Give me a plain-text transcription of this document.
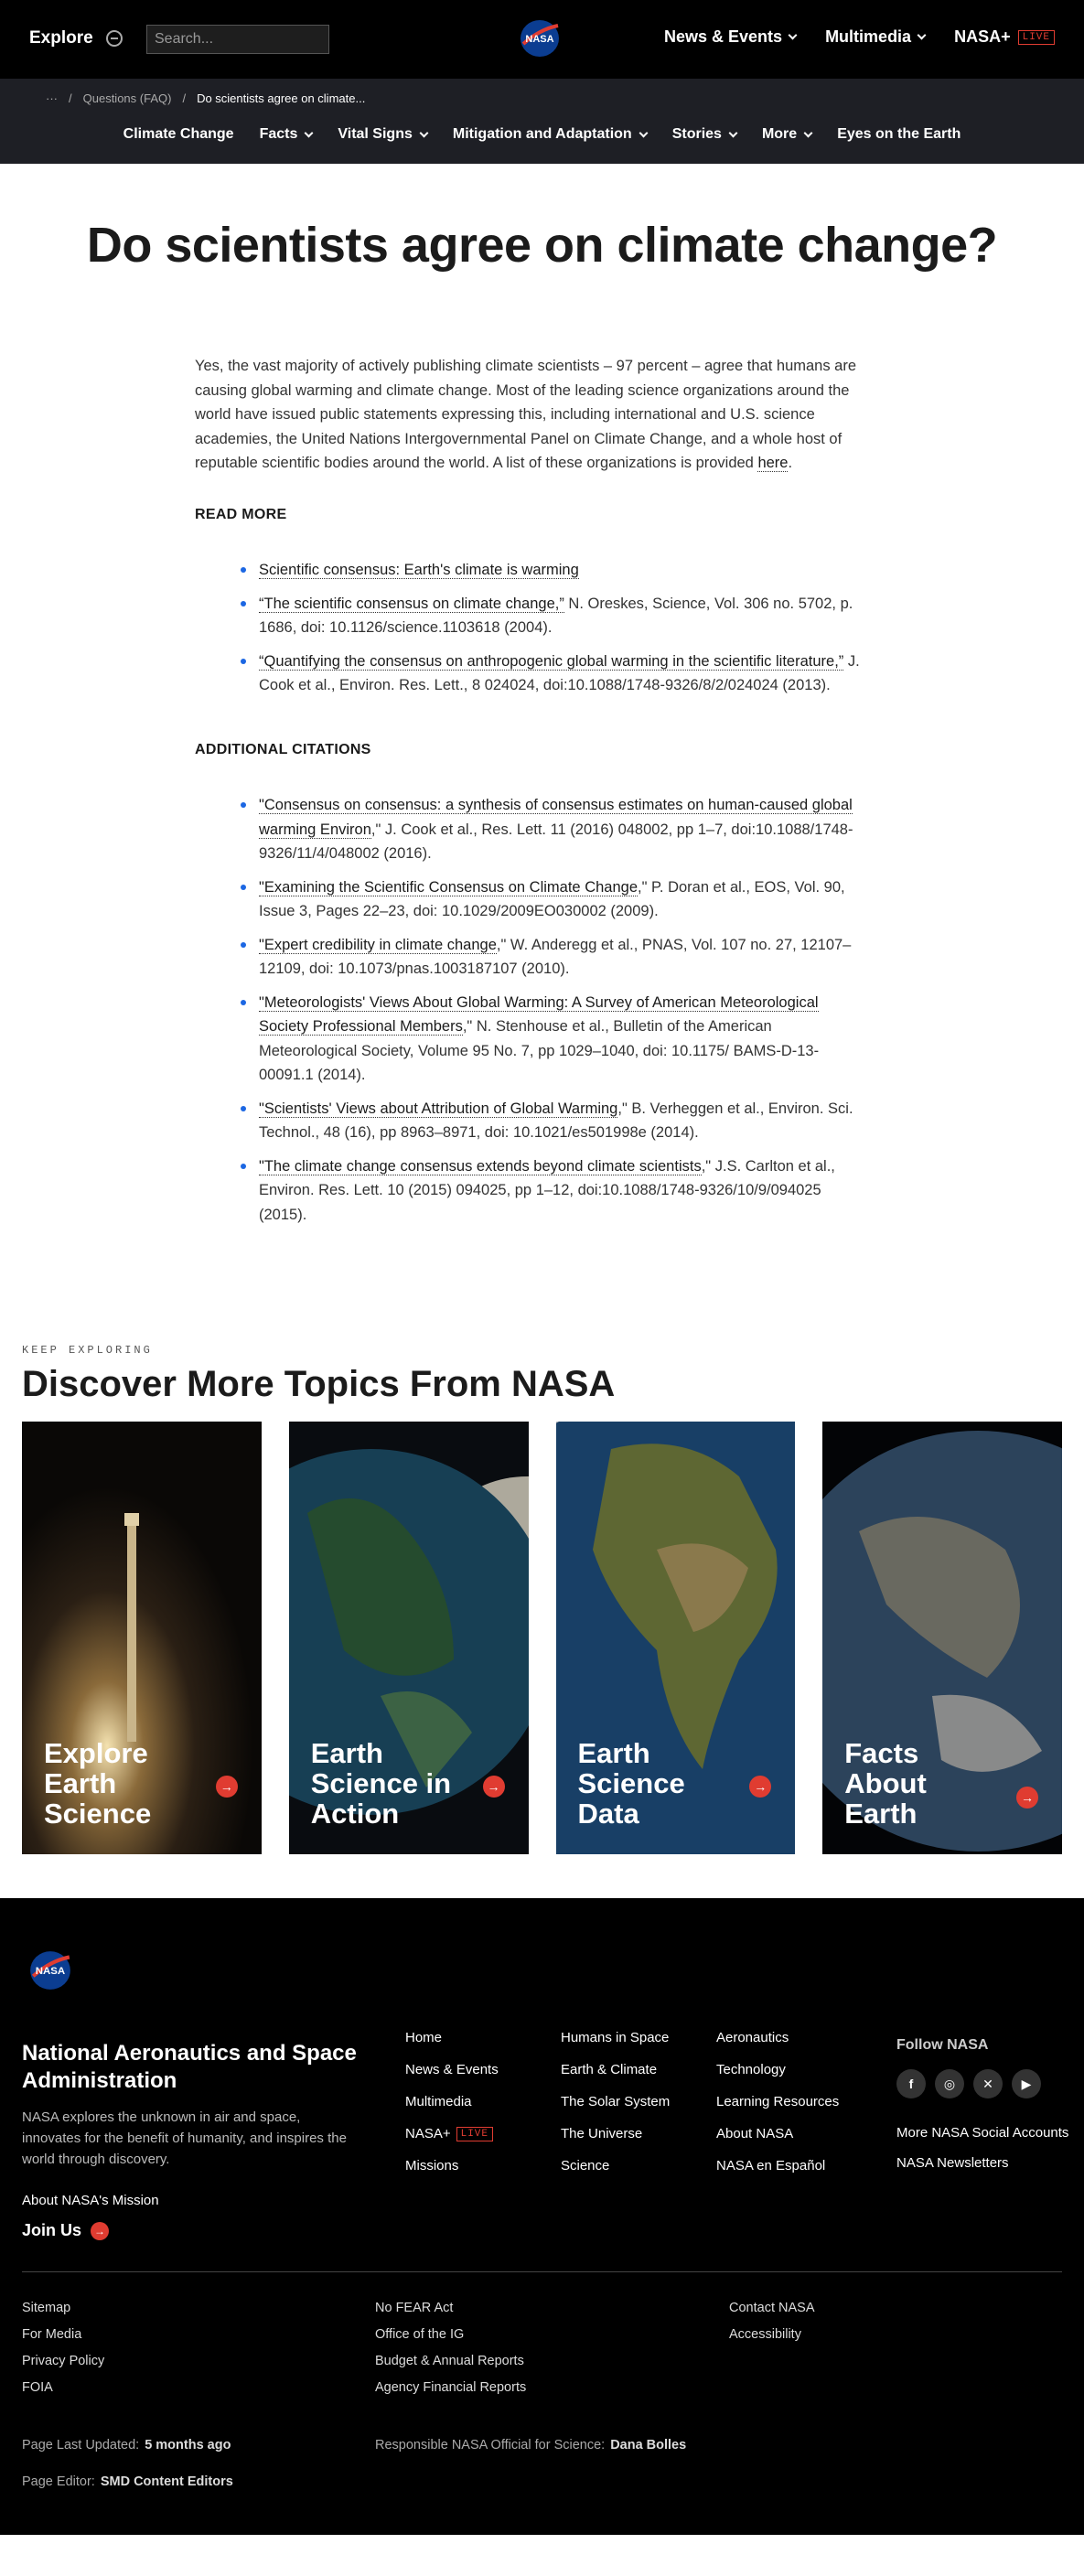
Explore
Search...	NASA	News & Events	Multimedia	NASA+	LIVE
··· / Questions (FAQ) / Do scientists agree on climate...
Climate Change Facts	Vital Signs	Mitigation and Adaptation	Stories	More	Eyes on the Earth
Do scientists agree on climate change?

Yes, the vast majority of actively publishing climate scientists – 97 percent – agree that humans are causing global warming and climate change. Most of the leading science organizations around the world have issued public statements expressing this, including international and U.S. science academies, the United Nations Intergovernmental Panel on Climate Change, and a whole host of reputable scientific bodies around the world. A list of these organizations is provided here.

READ MORE
Scientific consensus: Earth's climate is warming
“The scientific consensus on climate change,” N. Oreskes, Science, Vol. 306 no. 5702, p. 1686, doi: 10.1126/science.1103618 (2004).
“Quantifying the consensus on anthropogenic global warming in the scientific literature,” J. Cook et al., Environ. Res. Lett., 8 024024, doi:10.1088/1748-9326/8/2/024024 (2013).
ADDITIONAL CITATIONS
"Consensus on consensus: a synthesis of consensus estimates on human-caused global warming Environ," J. Cook et al., Res. Lett. 11 (2016) 048002, pp 1–7, doi:10.1088/1748-9326/11/4/048002 (2016).
"Examining the Scientific Consensus on Climate Change," P. Doran et al., EOS, Vol. 90, Issue 3, Pages 22–23, doi: 10.1029/2009EO030002 (2009).
"Expert credibility in climate change," W. Anderegg et al., PNAS, Vol. 107 no. 27, 12107–12109, doi: 10.1073/pnas.1003187107 (2010).
"Meteorologists' Views About Global Warming: A Survey of American Meteorological Society Professional Members," N. Stenhouse et al., Bulletin of the American Meteorological Society, Volume 95 No. 7, pp 1029–1040, doi: 10.1175/ BAMS-D-13-00091.1 (2014).
"Scientists' Views about Attribution of Global Warming," B. Verheggen et al., Environ. Sci. Technol., 48 (16), pp 8963–8971, doi: 10.1021/es501998e (2014).
"The climate change consensus extends beyond climate scientists," J.S. Carlton et al., Environ. Res. Lett. 10 (2015) 094025, pp 1–12, doi:10.1088/1748-9326/10/9/094025 (2015).
KEEP EXPLORING
Discover More Topics From NASA
Explore Earth Science
→
Earth Science in Action
→
Earth Science Data
→
Facts About Earth	→
NASA
National Aeronautics and Space Administration
NASA explores the unknown in air and space, innovates for the benefit of humanity, and inspires the world through discovery.
About NASA's Mission
Join Us	→
Home
News & Events
Multimedia
NASA+	LIVE
Missions
Humans in Space
Earth & Climate
The Solar System
The Universe
Science
Aeronautics
Technology
Learning Resources
About NASA
NASA en Español
Follow NASA
f	◎	✕	▶
More NASA Social Accounts
NASA Newsletters
Sitemap
For Media
Privacy Policy
FOIA
No FEAR Act
Office of the IG
Budget & Annual Reports
Agency Financial Reports
Contact NASA
Accessibility
Page Last Updated: 5 months ago	Responsible NASA Official for Science: Dana Bolles
Page Editor: SMD Content Editors
